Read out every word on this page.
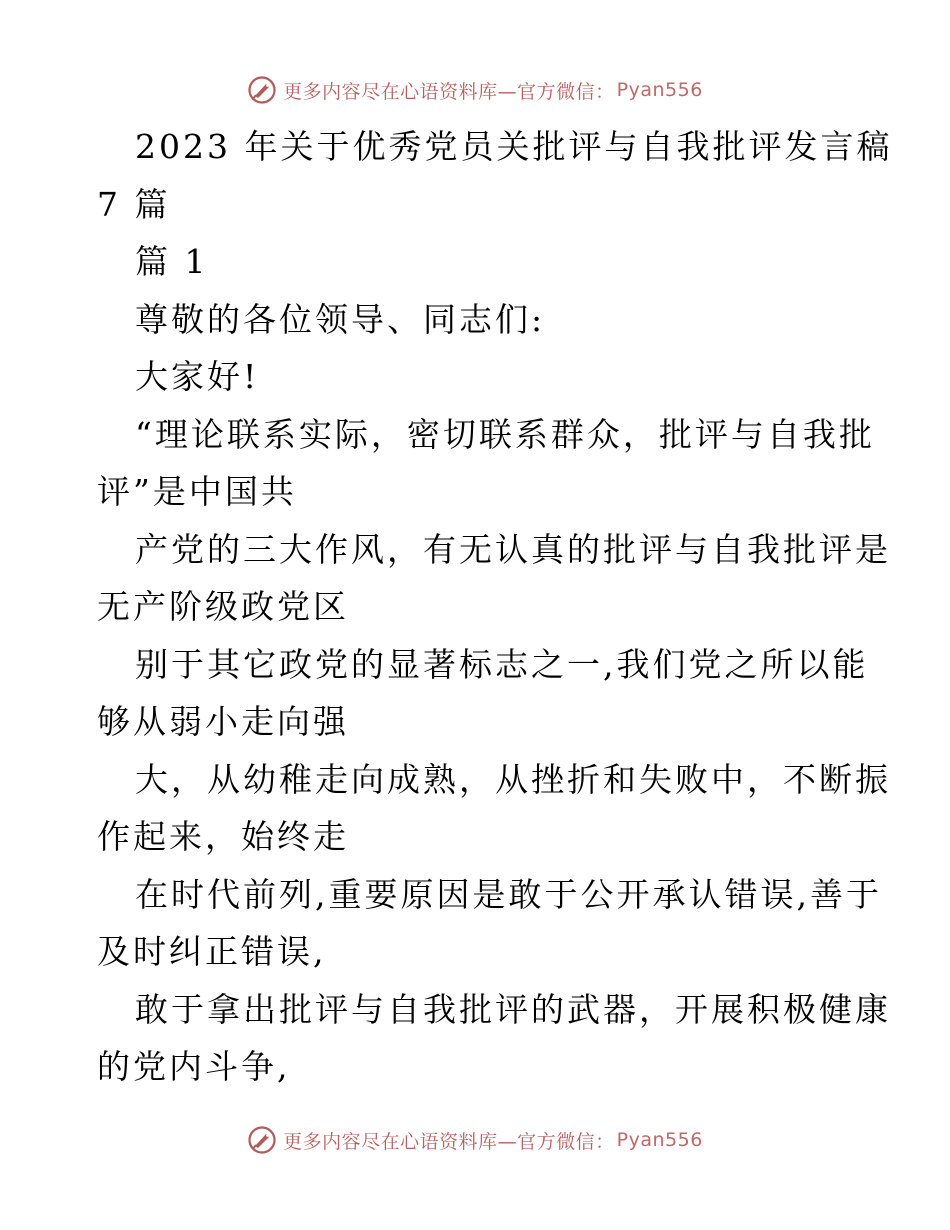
更多内容尽在心语资料库—官方微信： Pyan556
2023 年关于优秀党员关批评与自我批评发言稿
7 篇
篇 1
尊敬的各位领导、同志们:
大家好!
“理论联系实际，密切联系群众，批评与自我批
评”是中国共
产党的三大作风，有无认真的批评与自我批评是
无产阶级政党区
别于其它政党的显著标志之一,我们党之所以能
够从弱小走向强
大，从幼稚走向成熟，从挫折和失败中，不断振
作起来，始终走
在时代前列,重要原因是敢于公开承认错误,善于
及时纠正错误,
敢于拿出批评与自我批评的武器，开展积极健康
的党内斗争,
更多内容尽在心语资料库—官方微信： Pyan556
